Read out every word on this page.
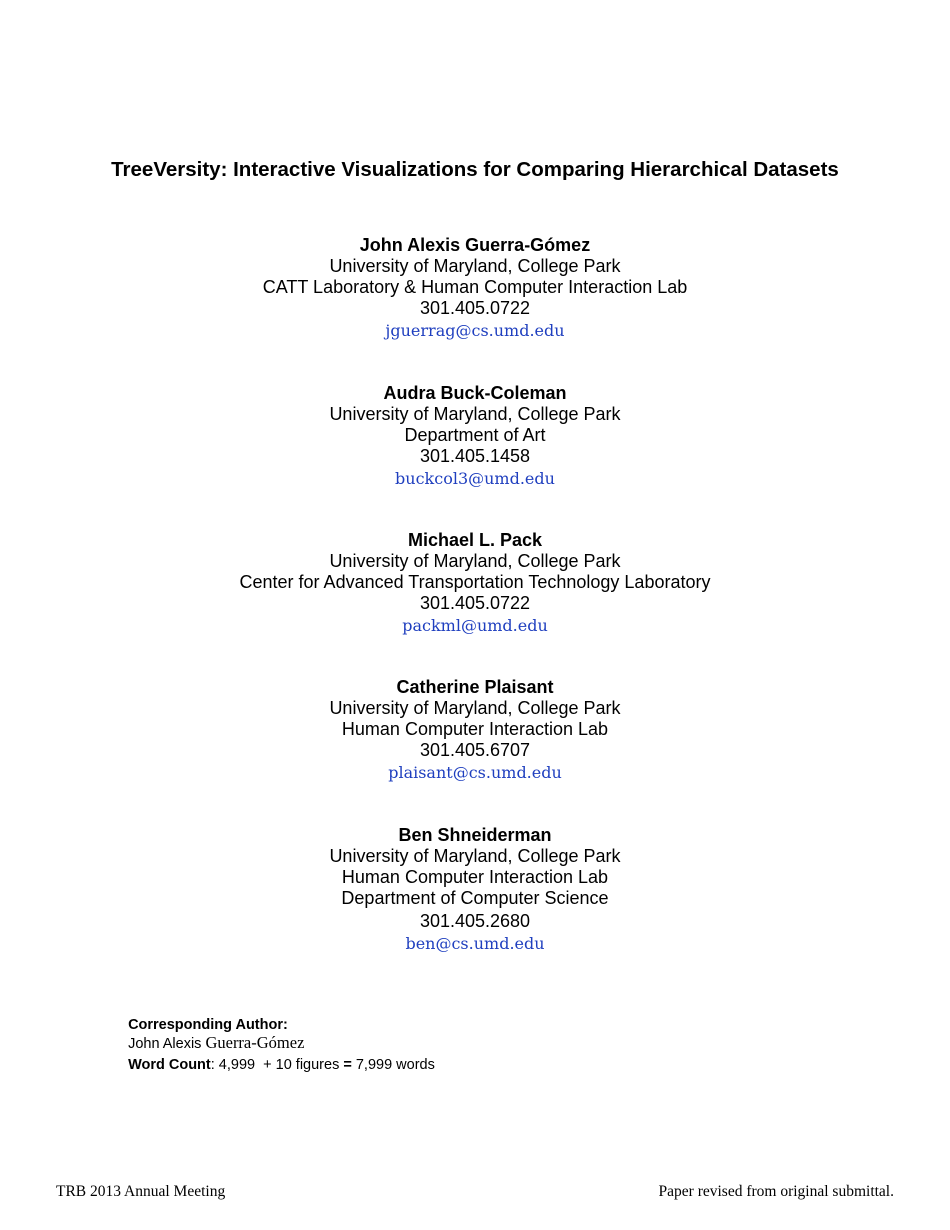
TreeVersity: Interactive Visualizations for Comparing Hierarchical Datasets
John Alexis Guerra-Gómez
University of Maryland, College Park
CATT Laboratory & Human Computer Interaction Lab
301.405.0722
jguerrag@cs.umd.edu
Audra Buck-Coleman
University of Maryland, College Park
Department of Art
301.405.1458
buckcol3@umd.edu
Michael L. Pack
University of Maryland, College Park
Center for Advanced Transportation Technology Laboratory
301.405.0722
packml@umd.edu
Catherine Plaisant
University of Maryland, College Park
Human Computer Interaction Lab
301.405.6707
plaisant@cs.umd.edu
Ben Shneiderman
University of Maryland, College Park
Human Computer Interaction Lab
Department of Computer Science
301.405.2680
ben@cs.umd.edu

Corresponding Author:
John Alexis Guerra-Gómez

Word Count: 4,999  + 10 figures = 7,999 words

TRB 2013 Annual Meeting	Paper revised from original submittal.
